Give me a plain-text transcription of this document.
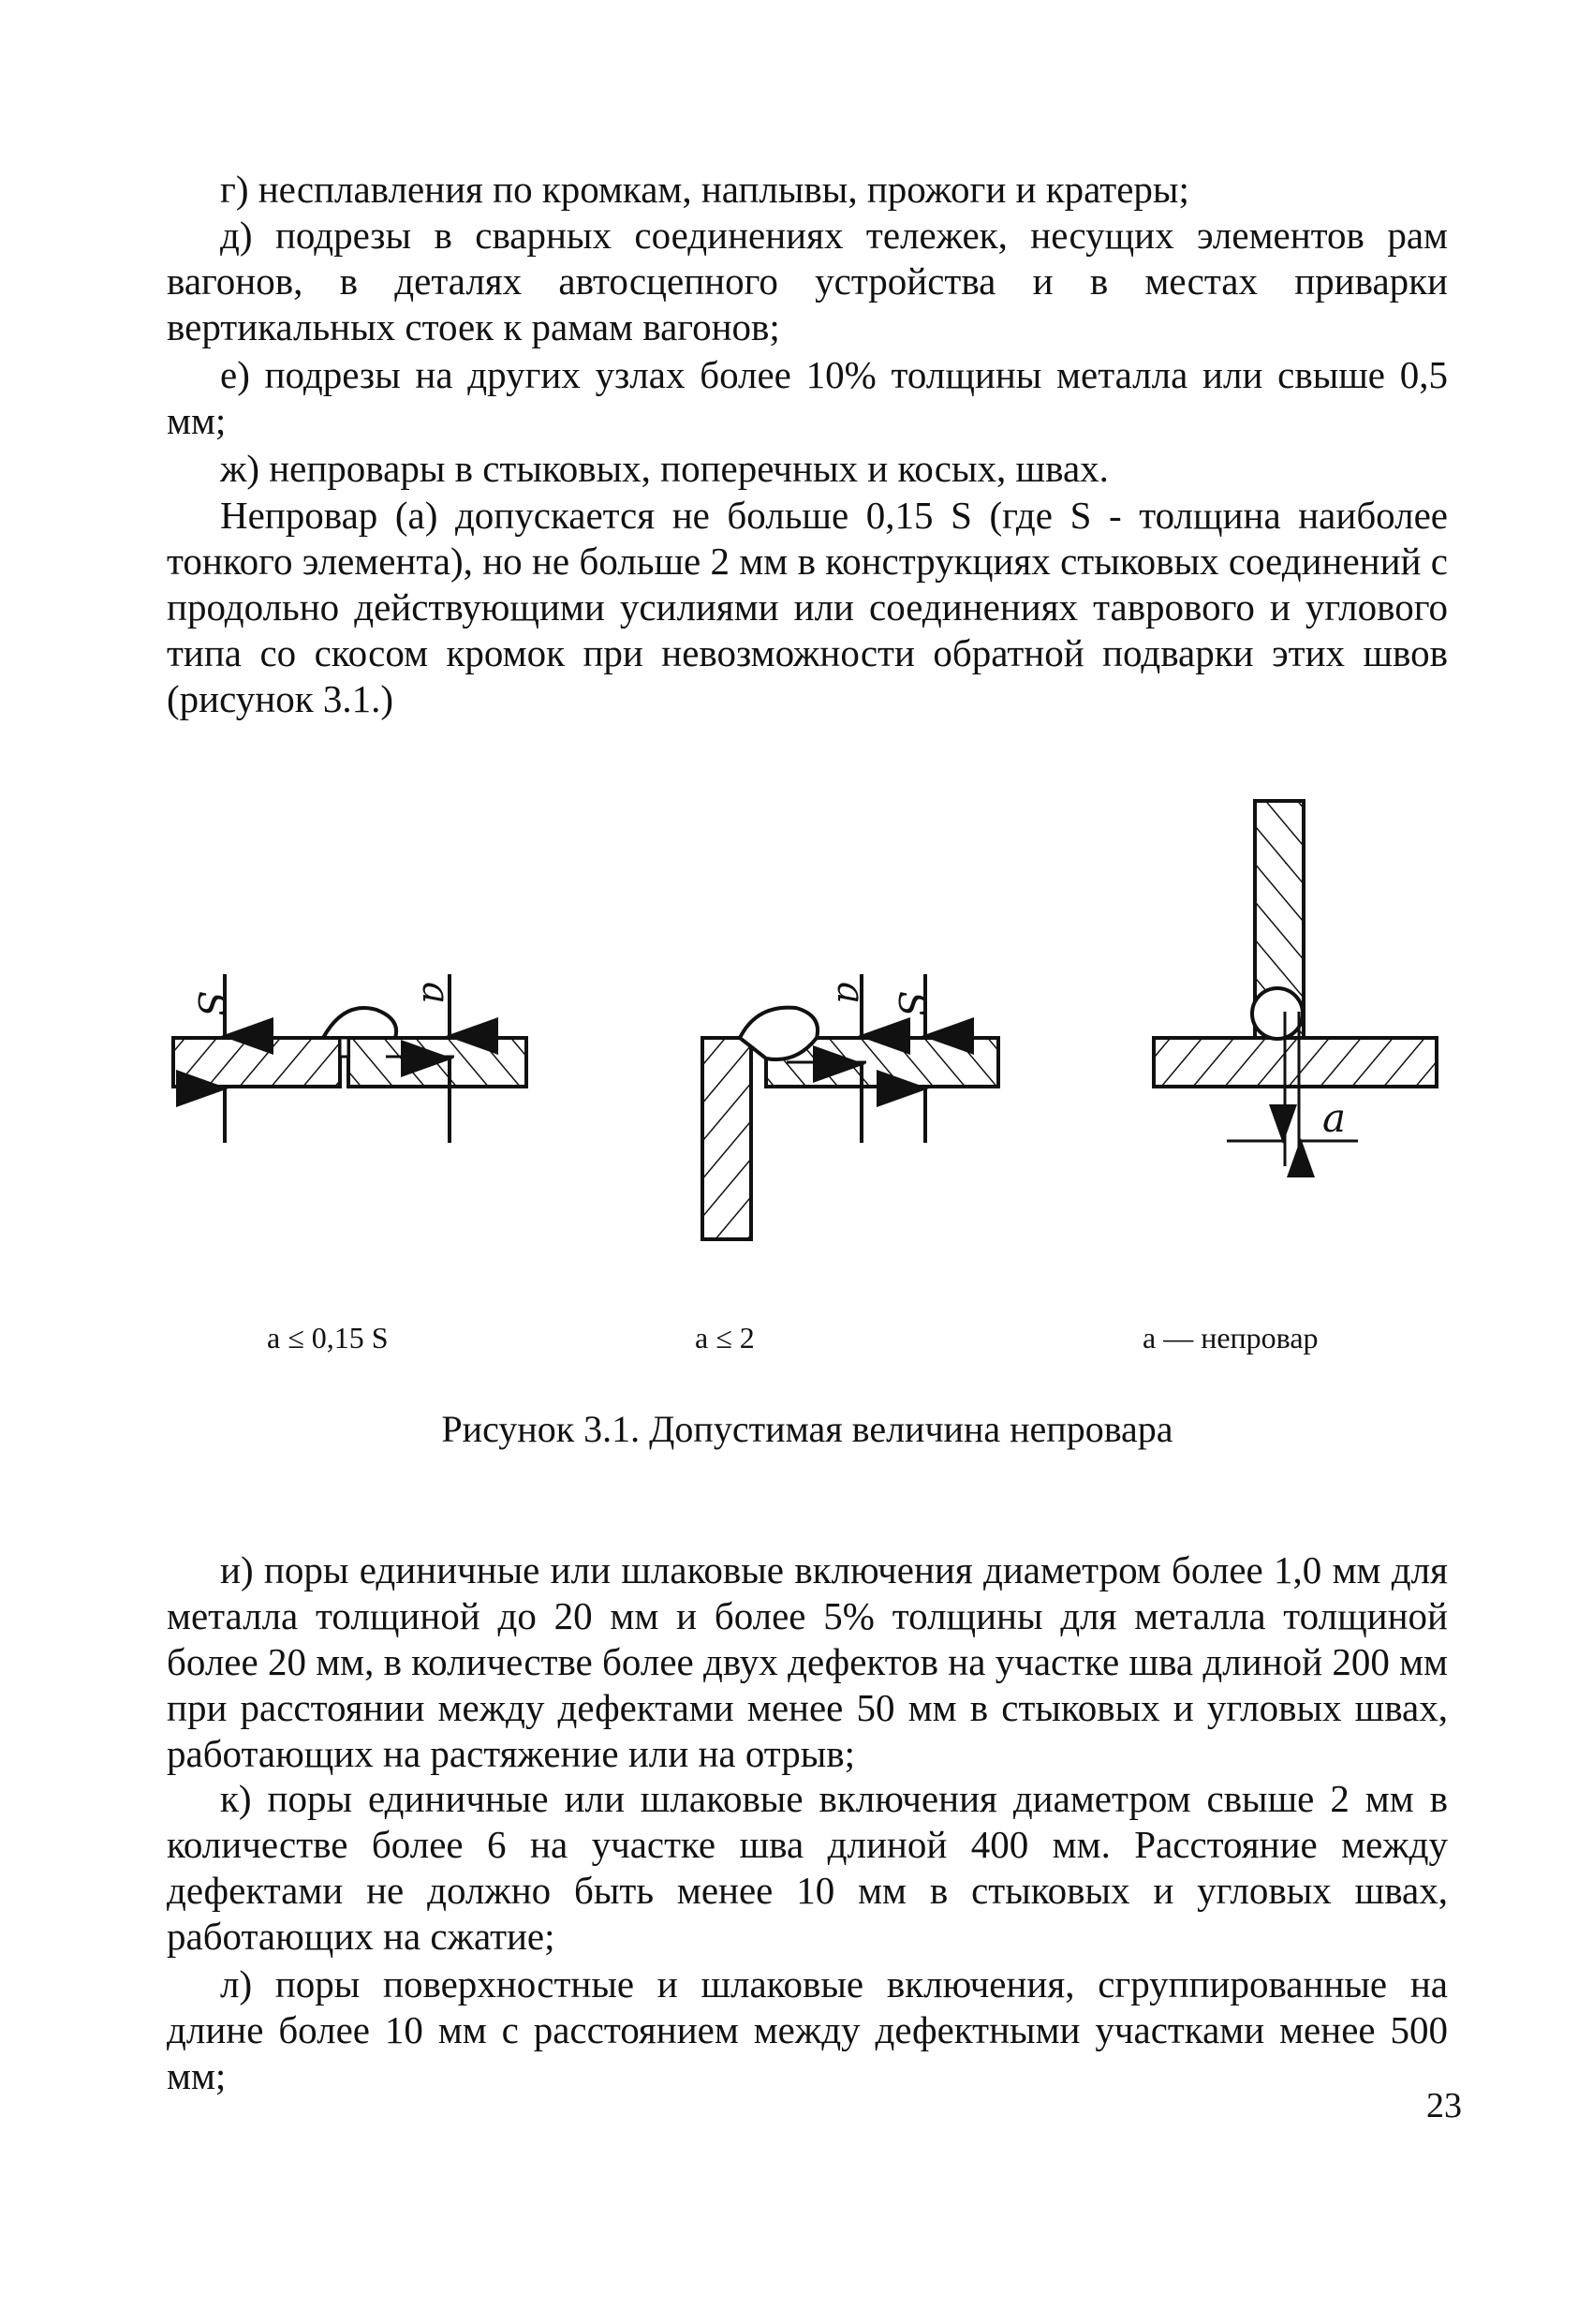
г) несплавления по кромкам, наплывы, прожоги и кратеры;

д) подрезы в сварных соединениях тележек, несущих элементов рам вагонов, в деталях автосцепного устройства и в местах приварки вертикальных стоек к рамам вагонов;

е) подрезы на других узлах более 10% толщины металла или свыше 0,5 мм;

ж) непровары в стыковых, поперечных и косых, швах.

Непровар (а) допускается не больше 0,15 S (где S - толщина наиболее тонкого элемента), но не больше 2 мм в конструкциях стыковых соединений с продольно действующими усилиями или соединениях таврового и углового типа со скосом кромок при невозможности обратной подварки этих швов (рисунок 3.1.)

S	a	a S
a
a ≤ 0,15 S	a ≤ 2	а — непровар
Рисунок 3.1. Допустимая величина непровара

и) поры единичные или шлаковые включения диаметром более 1,0 мм для металла толщиной до 20 мм и более 5% толщины для металла толщиной более 20 мм, в количестве более двух дефектов на участке шва длиной 200 мм при расстоянии между дефектами менее 50 мм в стыковых и угловых швах, работающих на растяжение или на отрыв;

к) поры единичные или шлаковые включения диаметром свыше 2 мм в количестве более 6 на участке шва длиной 400 мм. Расстояние между дефектами не должно быть менее 10 мм в стыковых и угловых швах, работающих на сжатие;

л) поры поверхностные и шлаковые включения, сгруппированные на длине более 10 мм с расстоянием между дефектными участками менее 500 мм;

23
